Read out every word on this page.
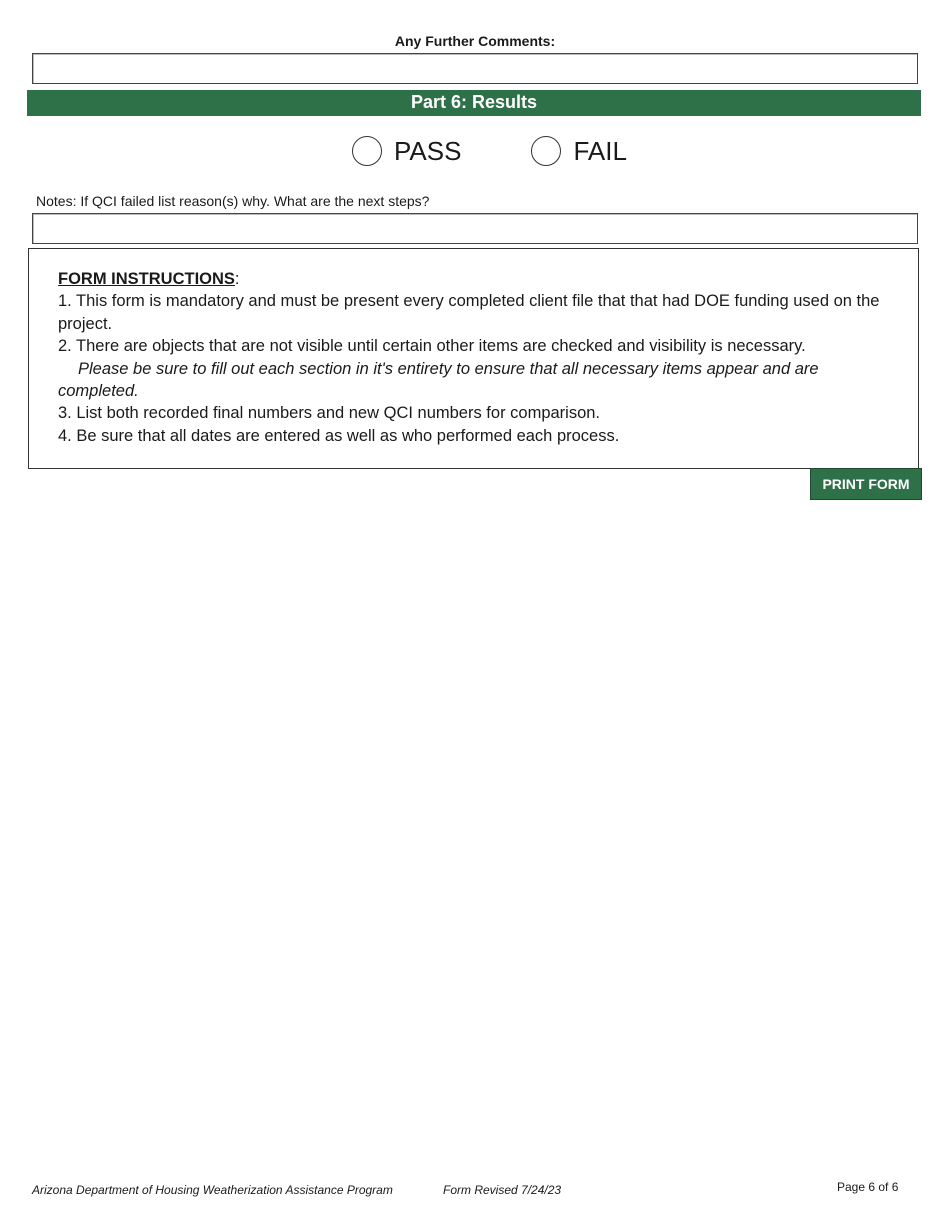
Any Further Comments:
Part 6: Results
PASS	FAIL
Notes: If QCI failed list reason(s) why. What are the next steps?

FORM INSTRUCTIONS:

1. This form is mandatory and must be present every completed client file that that had DOE funding used on the project.

2. There are objects that are not visible until certain other items are checked and visibility is necessary.

Please be sure to fill out each section in it's entirety to ensure that all necessary items appear and are completed.

3. List both recorded final numbers and new QCI numbers for comparison.

4. Be sure that all dates are entered as well as who performed each process.

PRINT FORM
Arizona Department of Housing Weatherization Assistance Program	Form Revised 7/24/23	Page 6 of 6
